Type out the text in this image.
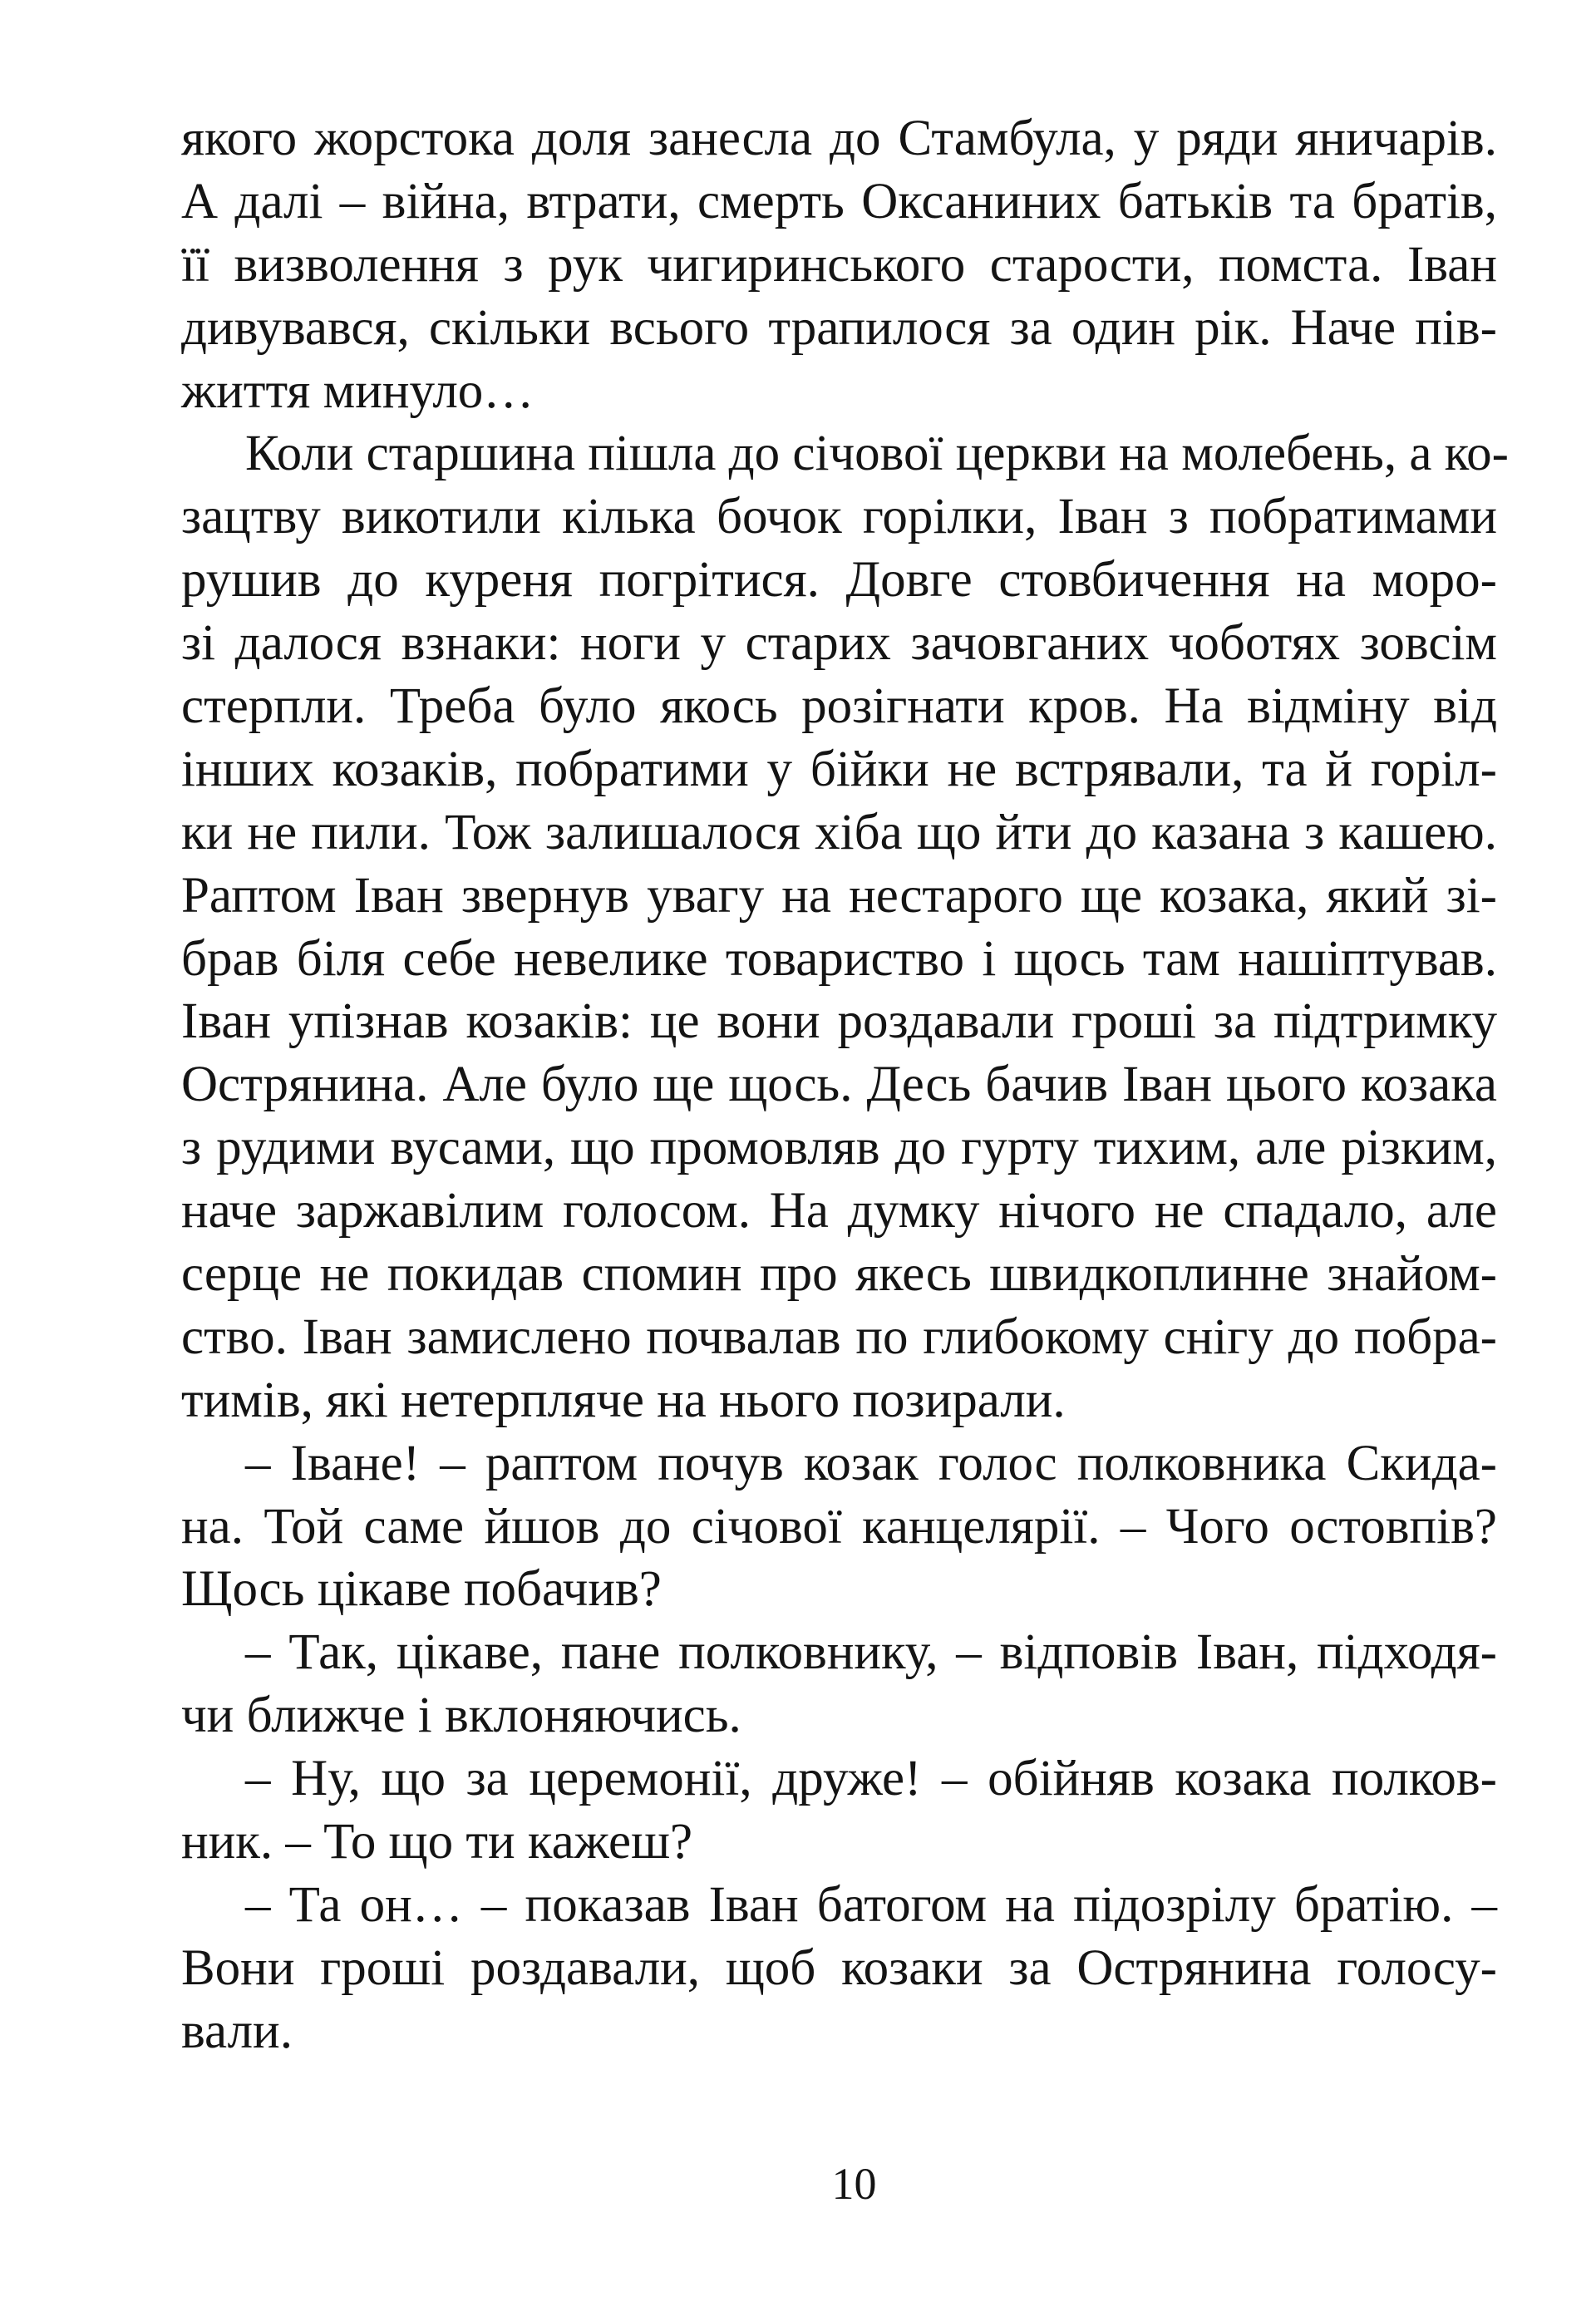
якого жорстока доля занесла до Стамбула, у ряди яничарів.
А далі – війна, втрати, смерть Оксаниних батьків та братів,
її визволення з рук чигиринського старости, помста. Іван
дивувався, скільки всього трапилося за один рік. Наче пів-
життя минуло…
Коли старшина пішла до січової церкви на молебень, а ко-
зацтву викотили кілька бочок горілки, Іван з побратимами
рушив до куреня погрітися. Довге стовбичення на моро-
зі далося взнаки: ноги у старих зачовганих чоботях зовсім
стерпли. Треба було якось розігнати кров. На відміну від
інших козаків, побратими у бійки не встрявали, та й горіл-
ки не пили. Тож залишалося хіба що йти до казана з кашею.
Раптом Іван звернув увагу на нестарого ще козака, який зі-
брав біля себе невелике товариство і щось там нашіптував.
Іван упізнав козаків: це вони роздавали гроші за підтримку
Острянина. Але було ще щось. Десь бачив Іван цього козака
з рудими вусами, що промовляв до гурту тихим, але різким,
наче заржавілим голосом. На думку нічого не спадало, але
серце не покидав спомин про якесь швидкоплинне знайом-
ство. Іван замислено почвалав по глибокому снігу до побра-
тимів, які нетерпляче на нього позирали.
– Іване! – раптом почув козак голос полковника Скида-
на. Той саме йшов до січової канцелярії. – Чого остовпів?
Щось цікаве побачив?
– Так, цікаве, пане полковнику, – відповів Іван, підходя-
чи ближче і вклоняючись.
– Ну, що за церемонії, друже! – обійняв козака полков-
ник. – То що ти кажеш?
– Та он… – показав Іван батогом на підозрілу братію. –
Вони гроші роздавали, щоб козаки за Острянина голосу-
вали.
10
